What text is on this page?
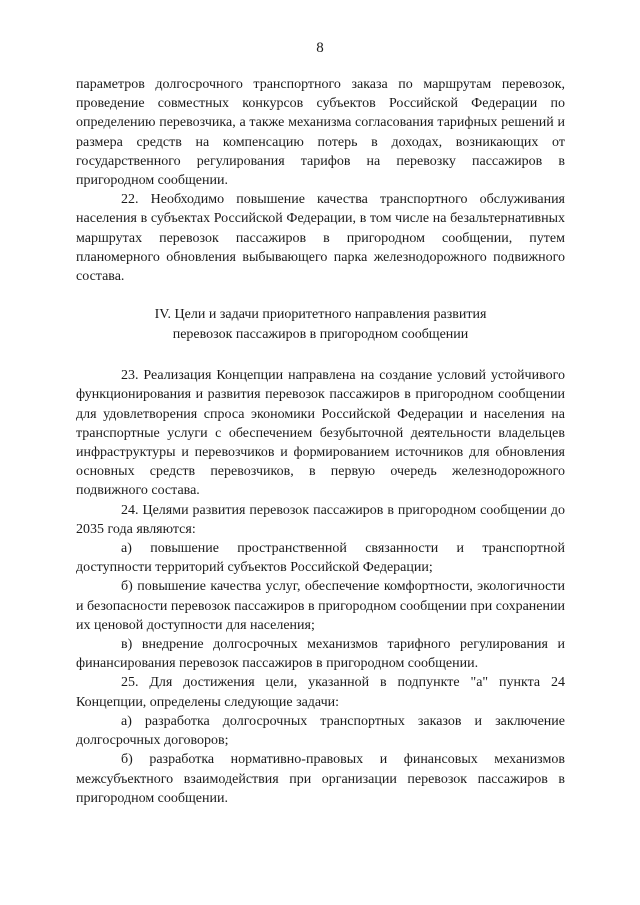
8

параметров долгосрочного транспортного заказа по маршрутам перевозок, проведение совместных конкурсов субъектов Российской Федерации по определению перевозчика, а также механизма согласования тарифных решений и размера средств на компенсацию потерь в доходах, возникающих от государственного регулирования тарифов на перевозку пассажиров в пригородном сообщении.

22. Необходимо повышение качества транспортного обслуживания населения в субъектах Российской Федерации, в том числе на безальтернативных маршрутах перевозок пассажиров в пригородном сообщении, путем планомерного обновления выбывающего парка железнодорожного подвижного состава.

IV. Цели и задачи приоритетного направления развития
перевозок пассажиров в пригородном сообщении

23. Реализация Концепции направлена на создание условий устойчивого функционирования и развития перевозок пассажиров в пригородном сообщении для удовлетворения спроса экономики Российской Федерации и населения на транспортные услуги с обеспечением безубыточной деятельности владельцев инфраструктуры и перевозчиков и формированием источников для обновления основных средств перевозчиков, в первую очередь железнодорожного подвижного состава.

24. Целями развития перевозок пассажиров в пригородном сообщении до 2035 года являются:

а) повышение пространственной связанности и транспортной доступности территорий субъектов Российской Федерации;

б) повышение качества услуг, обеспечение комфортности, экологичности и безопасности перевозок пассажиров в пригородном сообщении при сохранении их ценовой доступности для населения;

в) внедрение долгосрочных механизмов тарифного регулирования и финансирования перевозок пассажиров в пригородном сообщении.

25. Для достижения цели, указанной в подпункте "а" пункта 24 Концепции, определены следующие задачи:

а) разработка долгосрочных транспортных заказов и заключение долгосрочных договоров;

б) разработка нормативно-правовых и финансовых механизмов межсубъектного взаимодействия при организации перевозок пассажиров в пригородном сообщении.
